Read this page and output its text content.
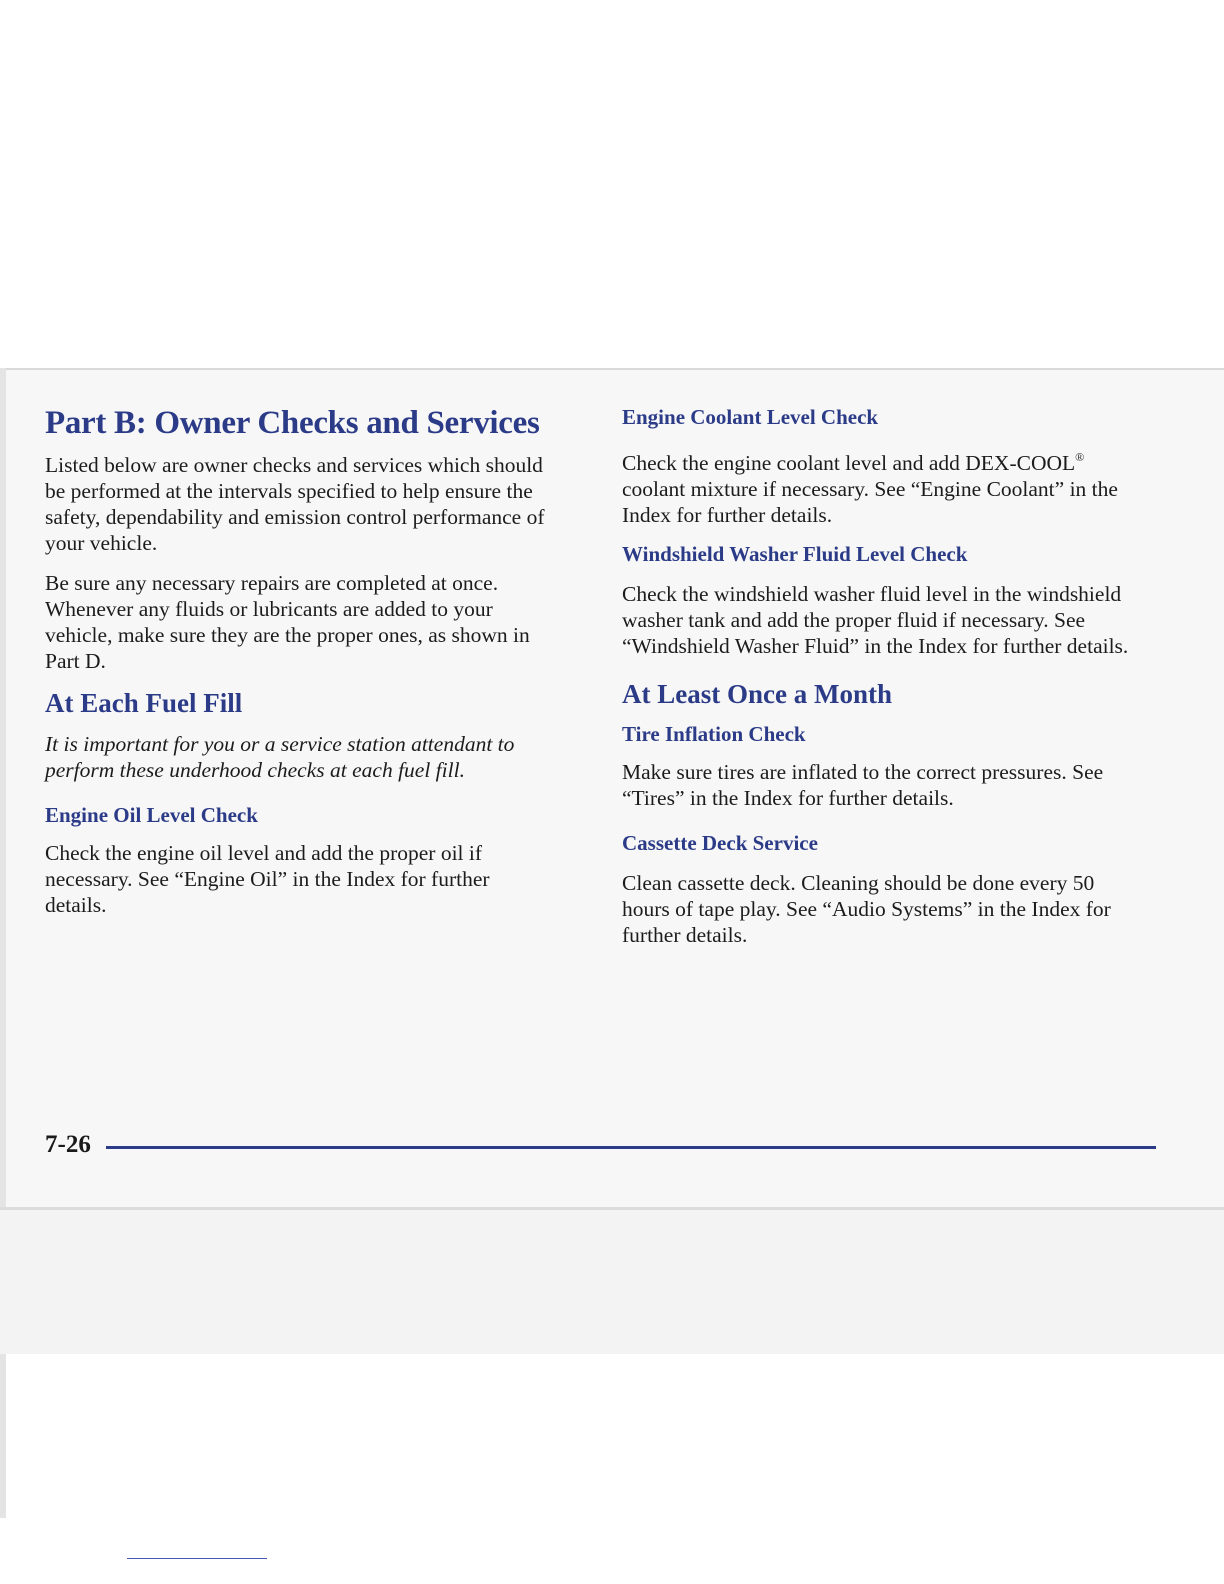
Part B: Owner Checks and Services

Listed below are owner checks and services which should be performed at the intervals specified to help ensure the safety, dependability and emission control performance of your vehicle.

Be sure any necessary repairs are completed at once. Whenever any fluids or lubricants are added to your vehicle, make sure they are the proper ones, as shown in Part D.

At Each Fuel Fill

It is important for you or a service station attendant to perform these underhood checks at each fuel fill.

Engine Oil Level Check

Check the engine oil level and add the proper oil if necessary. See “Engine Oil” in the Index for further details.

Engine Coolant Level Check

Check the engine coolant level and add DEX-COOL® coolant mixture if necessary. See “Engine Coolant” in the Index for further details.

Windshield Washer Fluid Level Check

Check the windshield washer fluid level in the windshield washer tank and add the proper fluid if necessary. See “Windshield Washer Fluid” in the Index for further details.

At Least Once a Month
Tire Inflation Check

Make sure tires are inflated to the correct pressures. See “Tires” in the Index for further details.

Cassette Deck Service

Clean cassette deck. Cleaning should be done every 50 hours of tape play. See “Audio Systems” in the Index for further details.

7-26
